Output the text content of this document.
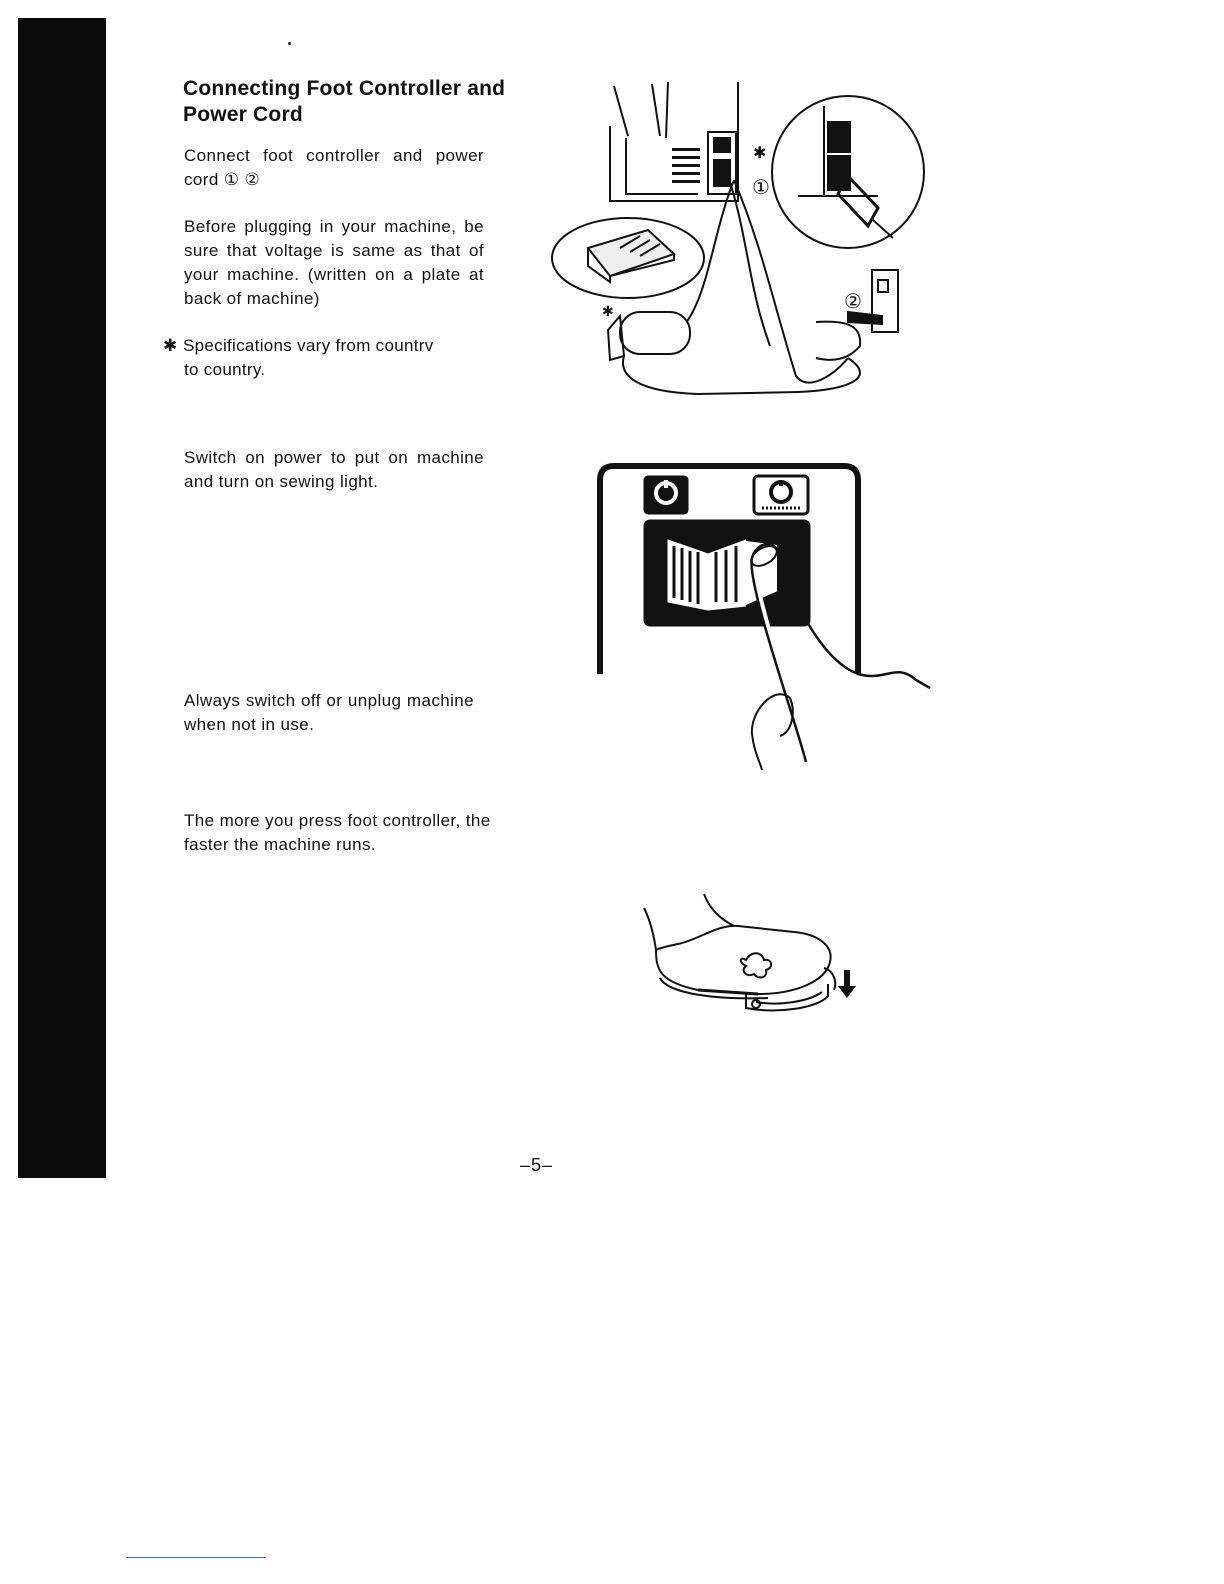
Connecting Foot Controller and Power Cord

Connect foot controller and power cord ① ②

Before plugging in your machine, be sure that voltage is same as that of your machine. (written on a plate at back of machine)

✱ Specifications vary from countrv
to country.

Switch on power to put on machine and turn on sewing light.

Always switch off or unplug machine when not in use.

The more you press foot controller, the faster the machine runs.

✱
✱
①
②
–5–
